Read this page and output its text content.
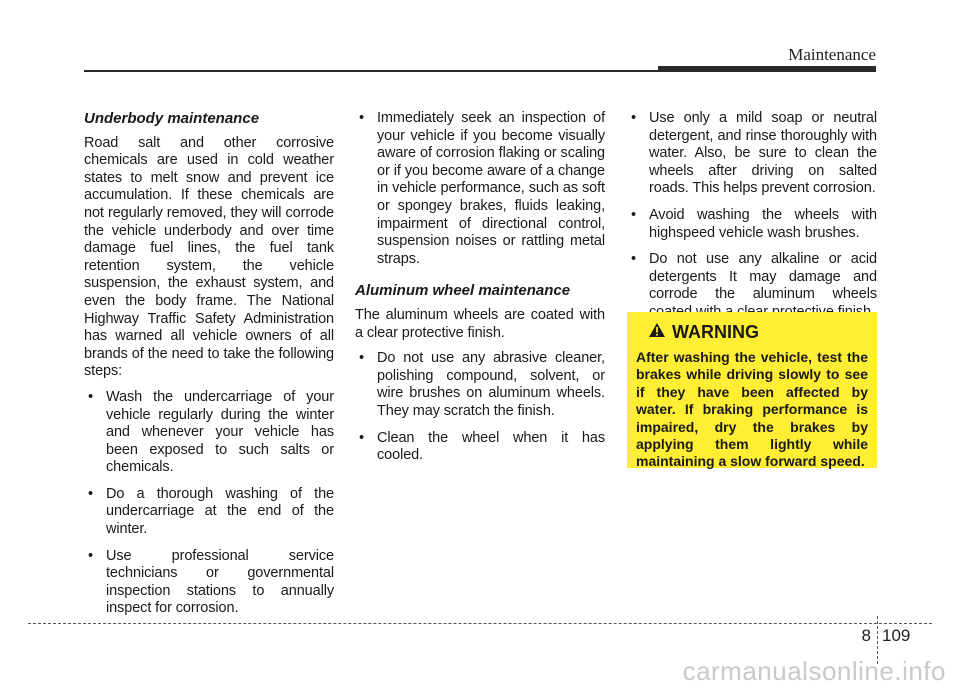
Maintenance
Underbody maintenance

Road salt and other corrosive chemicals are used in cold weather states to melt snow and prevent ice accumulation. If these chemicals are not regularly removed, they will corrode the vehicle underbody and over time damage fuel lines, the fuel tank retention system, the vehicle suspension, the exhaust system, and even the body frame. The National Highway Traffic Safety Administration has warned all vehicle owners of all brands of the need to take the following steps:

• Wash the undercarriage of your vehicle regularly during the winter and whenever your vehicle has been exposed to such salts or chemicals.
• Do a thorough washing of the undercarriage at the end of the winter.
• Use professional service technicians or governmental inspection stations to annually inspect for corrosion.
• Immediately seek an inspection of your vehicle if you become visually aware of corrosion flaking or scaling or if you become aware of a change in vehicle performance, such as soft or spongey brakes, fluids leaking, impairment of directional control, suspension noises or rattling metal straps.
Aluminum wheel maintenance

The aluminum wheels are coated with a clear protective finish.

• Do not use any abrasive cleaner, polishing compound, solvent, or wire brushes on aluminum wheels. They may scratch the finish.
• Clean the wheel when it has cooled.
• Use only a mild soap or neutral detergent, and rinse thoroughly with water. Also, be sure to clean the wheels after driving on salted roads. This helps prevent corrosion.
• Avoid washing the wheels with highspeed vehicle wash brushes.
• Do not use any alkaline or acid detergents It may damage and corrode the aluminum wheels
WARNING
After washing the vehicle, test the brakes while driving slowly to see if they have been affected by water. If braking performance is impaired, dry the brakes by applying them lightly while maintaining a slow forward speed.
8 109
carmanualsonline.info
